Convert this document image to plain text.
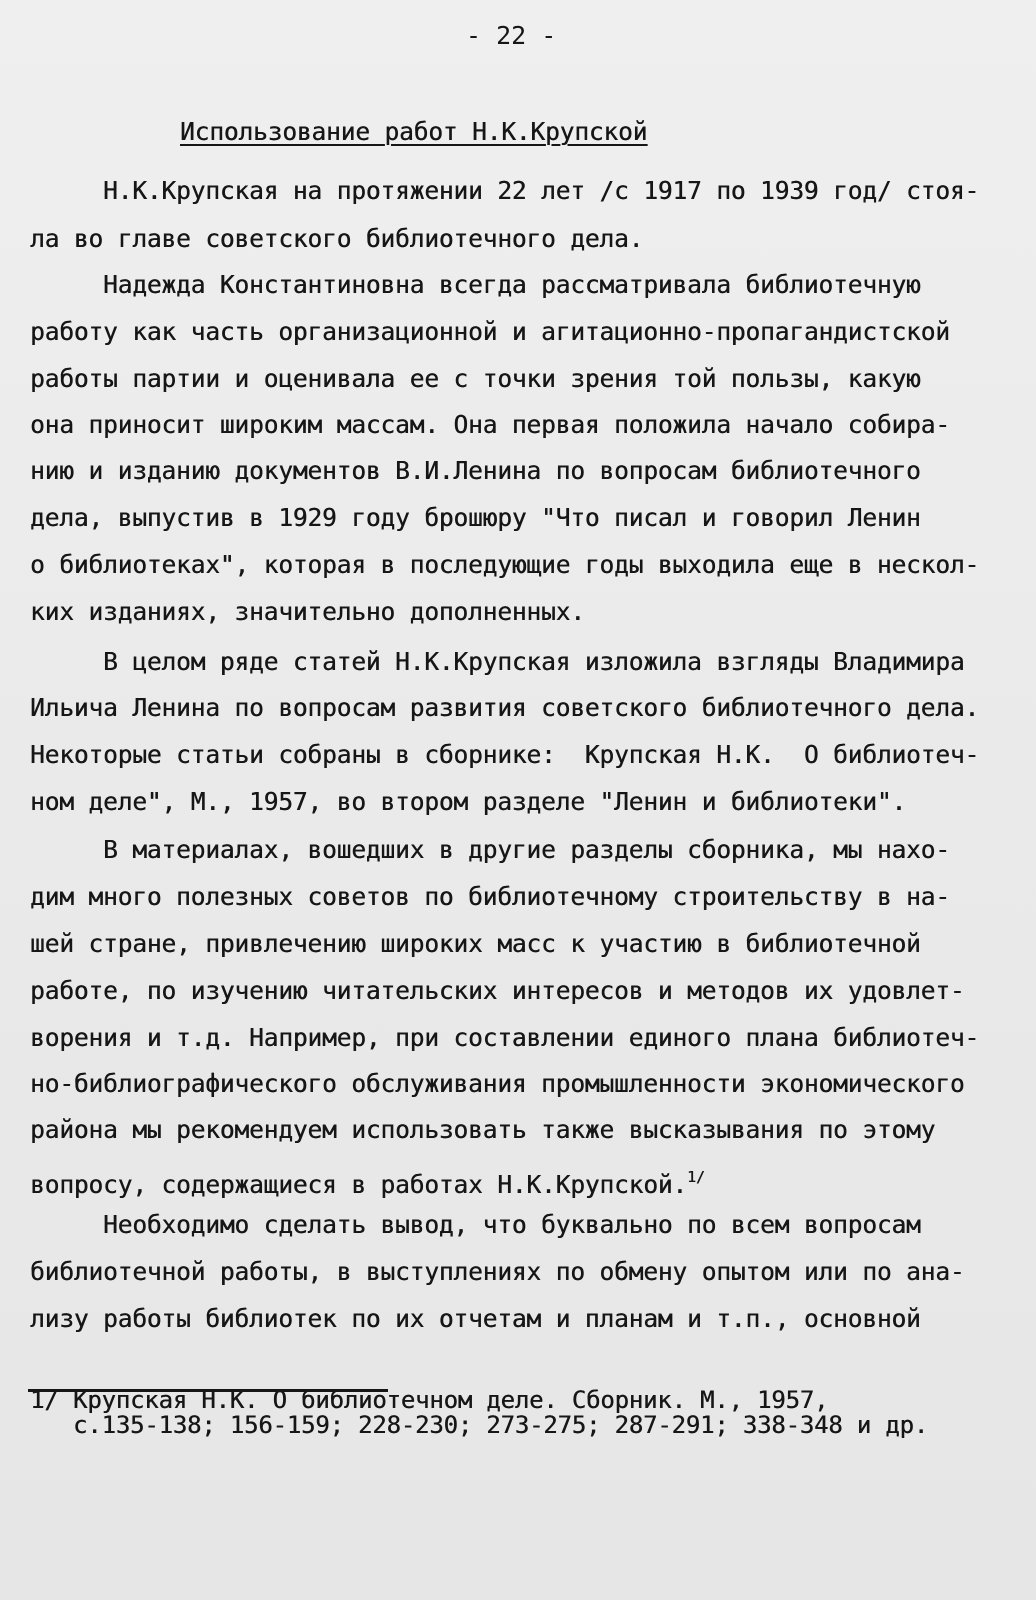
- 22 -
Использование работ Н.К.Крупской
Н.К.Крупская на протяжении 22 лет /с 1917 по 1939 год/ стоя-
ла во главе советского библиотечного дела.
Надежда Константиновна всегда рассматривала библиотечную
работу как часть организационной и агитационно-пропагандистской
работы партии и оценивала ее с точки зрения той пользы, какую
она приносит широким массам. Она первая положила начало собира-
нию и изданию документов В.И.Ленина по вопросам библиотечного
дела, выпустив в 1929 году брошюру "Что писал и говорил Ленин
о библиотеках", которая в последующие годы выходила еще в нескол-
ких изданиях, значительно дополненных.
В целом ряде статей Н.К.Крупская изложила взгляды Владимира
Ильича Ленина по вопросам развития советского библиотечного дела.
Некоторые статьи собраны в сборнике:  Крупская Н.К.  О библиотеч-
ном деле", М., 1957, во втором разделе "Ленин и библиотеки".
В материалах, вошедших в другие разделы сборника, мы нахо-
дим много полезных советов по библиотечному строительству в на-
шей стране, привлечению широких масс к участию в библиотечной
работе, по изучению читательских интересов и методов их удовлет-
ворения и т.д. Например, при составлении единого плана библиотеч-
но-библиографического обслуживания промышленности экономического
района мы рекомендуем использовать также высказывания по этому
вопросу, содержащиеся в работах Н.К.Крупской.$^{1/}$
Необходимо сделать вывод, что буквально по всем вопросам
библиотечной работы, в выступлениях по обмену опытом или по ана-
лизу работы библиотек по их отчетам и планам и т.п., основной
1/ Крупская Н.К. О библиотечном деле. Сборник. М., 1957,
с.135-138; 156-159; 228-230; 273-275; 287-291; 338-348 и др.
